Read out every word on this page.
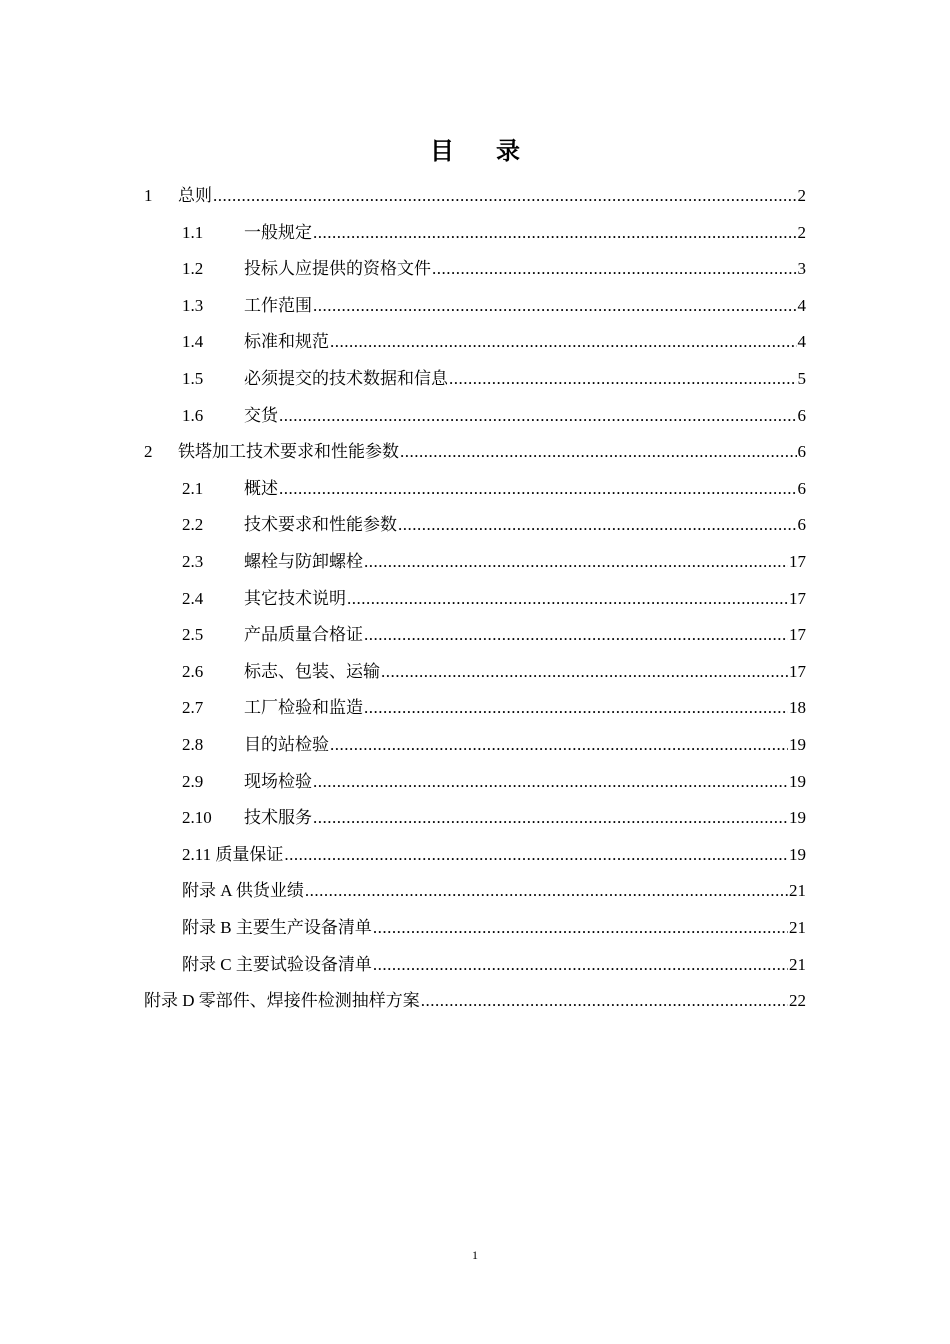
目录
1	总则 .....	2
1.1	一般规定 .....	2
1.2	投标人应提供的资格文件 .....	3
1.3	工作范围 .....	4
1.4	标准和规范 .....	4
1.5	必须提交的技术数据和信息 .....	5
1.6	交货 .....	6
2	铁塔加工技术要求和性能参数 .....	6
2.1	概述 .....	6
2.2	技术要求和性能参数 .....	6
2.3	螺栓与防卸螺栓 .....	17
2.4	其它技术说明 .....	17
2.5	产品质量合格证 .....	17
2.6	标志、包装、运输 .....	17
2.7	工厂检验和监造 .....	18
2.8	目的站检验 .....	19
2.9	现场检验 .....	19
2.10	技术服务 .....	19
2.11 质量保证 .....	19
附录 A 供货业绩 .....	21
附录 B 主要生产设备清单 .....	21
附录 C 主要试验设备清单 .....	21
附录 D 零部件、焊接件检测抽样方案 .....	22
1
